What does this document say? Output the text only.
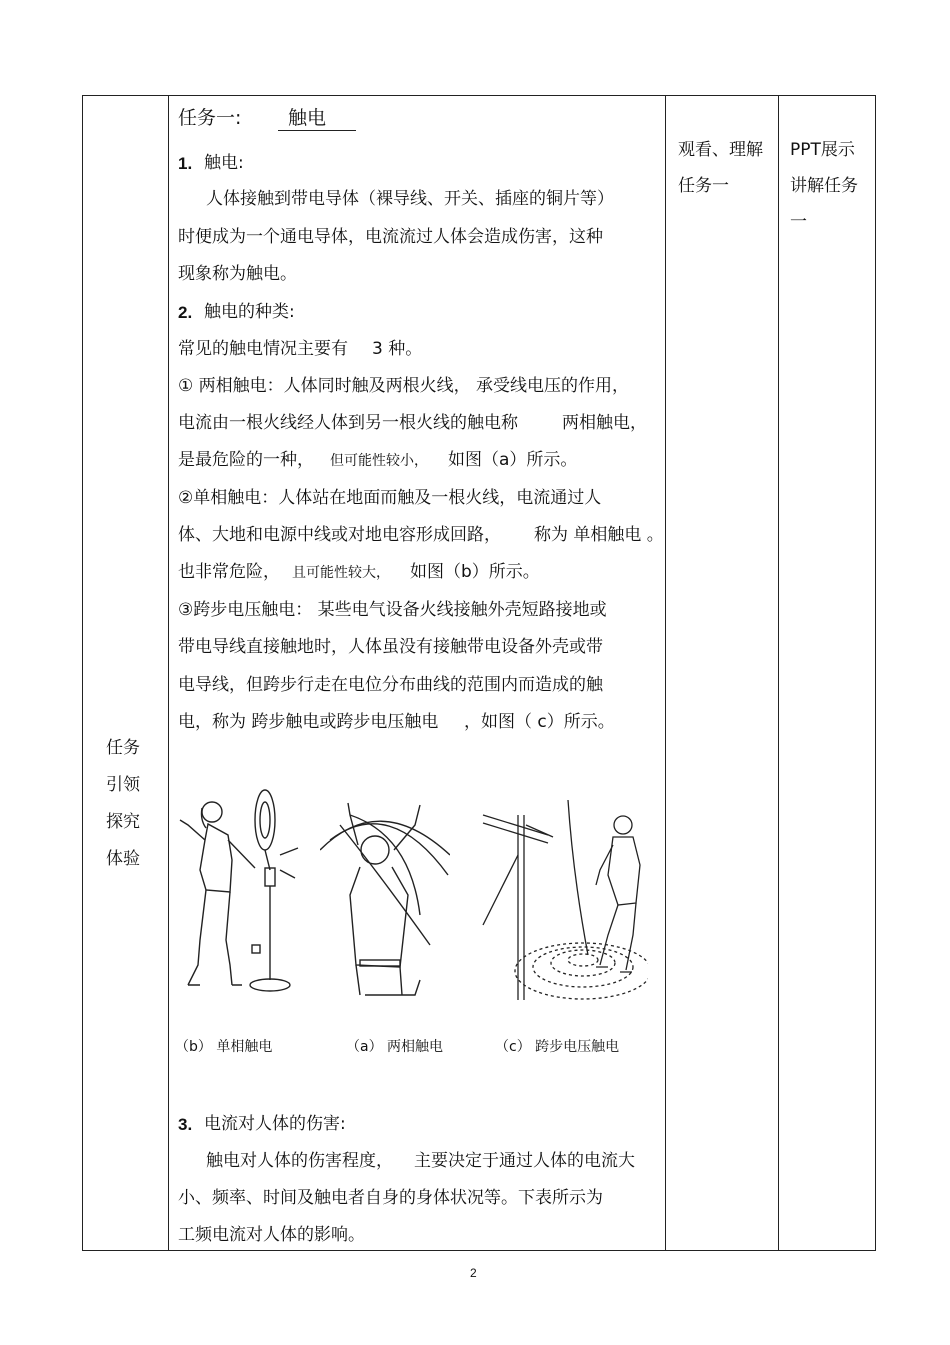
任务
引领
探究
体验
观看、理解
任务一
PPT展示
讲解任务
一
任务一: 触电
1. 触电:
人体接触到带电导体（裸导线、开关、插座的铜片等）
时便成为一个通电导体，电流流过人体会造成伤害，这种
现象称为触电。
2. 触电的种类:
常见的触电情况主要有 3 种。
① 两相触电：人体同时触及两根火线， 承受线电压的作用，
电流由一根火线经人体到另一根火线的触电称	两相触电，
是最危险的一种， 但可能性较小， 如图（a）所示。
②单相触电：人体站在地面而触及一根火线，电流通过人
体、大地和电源中线或对地电容形成回路， 称为 单相触电 。
也非常危险， 且可能性较大， 如图（b）所示。
③跨步电压触电： 某些电气设备火线接触外壳短路接地或
带电导线直接触地时，人体虽没有接触带电设备外壳或带
电导线，但跨步行走在电位分布曲线的范围内而造成的触
电，称为 跨步触电或跨步电压触电 ，如图（ c）所示。
（b） 单相触电	（a） 两相触电	（c） 跨步电压触电
3. 电流对人体的伤害:
触电对人体的伤害程度， 主要决定于通过人体的电流大
小、频率、时间及触电者自身的身体状况等。下表所示为
工频电流对人体的影响。
2
